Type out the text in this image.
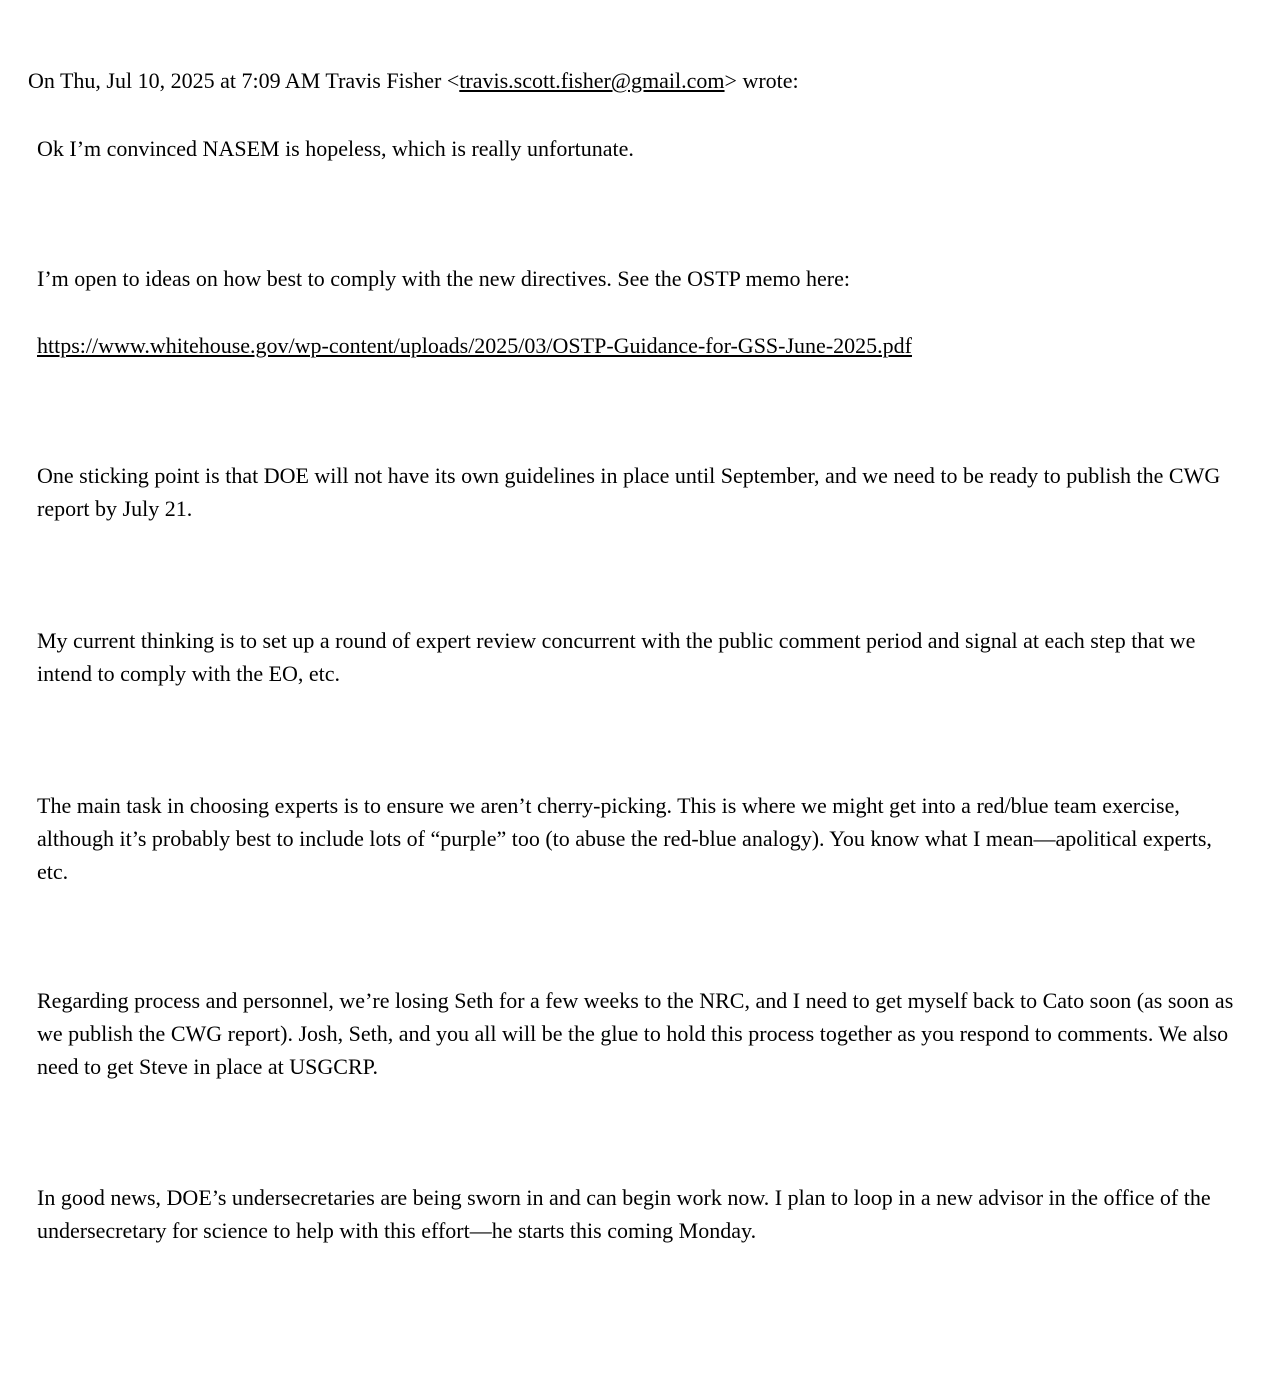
On Thu, Jul 10, 2025 at 7:09 AM Travis Fisher <travis.scott.fisher@gmail.com> wrote:

Ok I’m convinced NASEM is hopeless, which is really unfortunate.

I’m open to ideas on how best to comply with the new directives. See the OSTP memo here:

https://www.whitehouse.gov/wp-content/uploads/2025/03/OSTP-Guidance-for-GSS-June-2025.pdf

One sticking point is that DOE will not have its own guidelines in place until September, and we need to be ready to publish the CWG report by July 21.

My current thinking is to set up a round of expert review concurrent with the public comment period and signal at each step that we intend to comply with the EO, etc.

The main task in choosing experts is to ensure we aren’t cherry-picking. This is where we might get into a red/blue team exercise, although it’s probably best to include lots of “purple” too (to abuse the red-blue analogy). You know what I mean—apolitical experts, etc.

Regarding process and personnel, we’re losing Seth for a few weeks to the NRC, and I need to get myself back to Cato soon (as soon as we publish the CWG report). Josh, Seth, and you all will be the glue to hold this process together as you respond to comments. We also need to get Steve in place at USGCRP.

In good news, DOE’s undersecretaries are being sworn in and can begin work now. I plan to loop in a new advisor in the office of the undersecretary for science to help with this effort—he starts this coming Monday.
